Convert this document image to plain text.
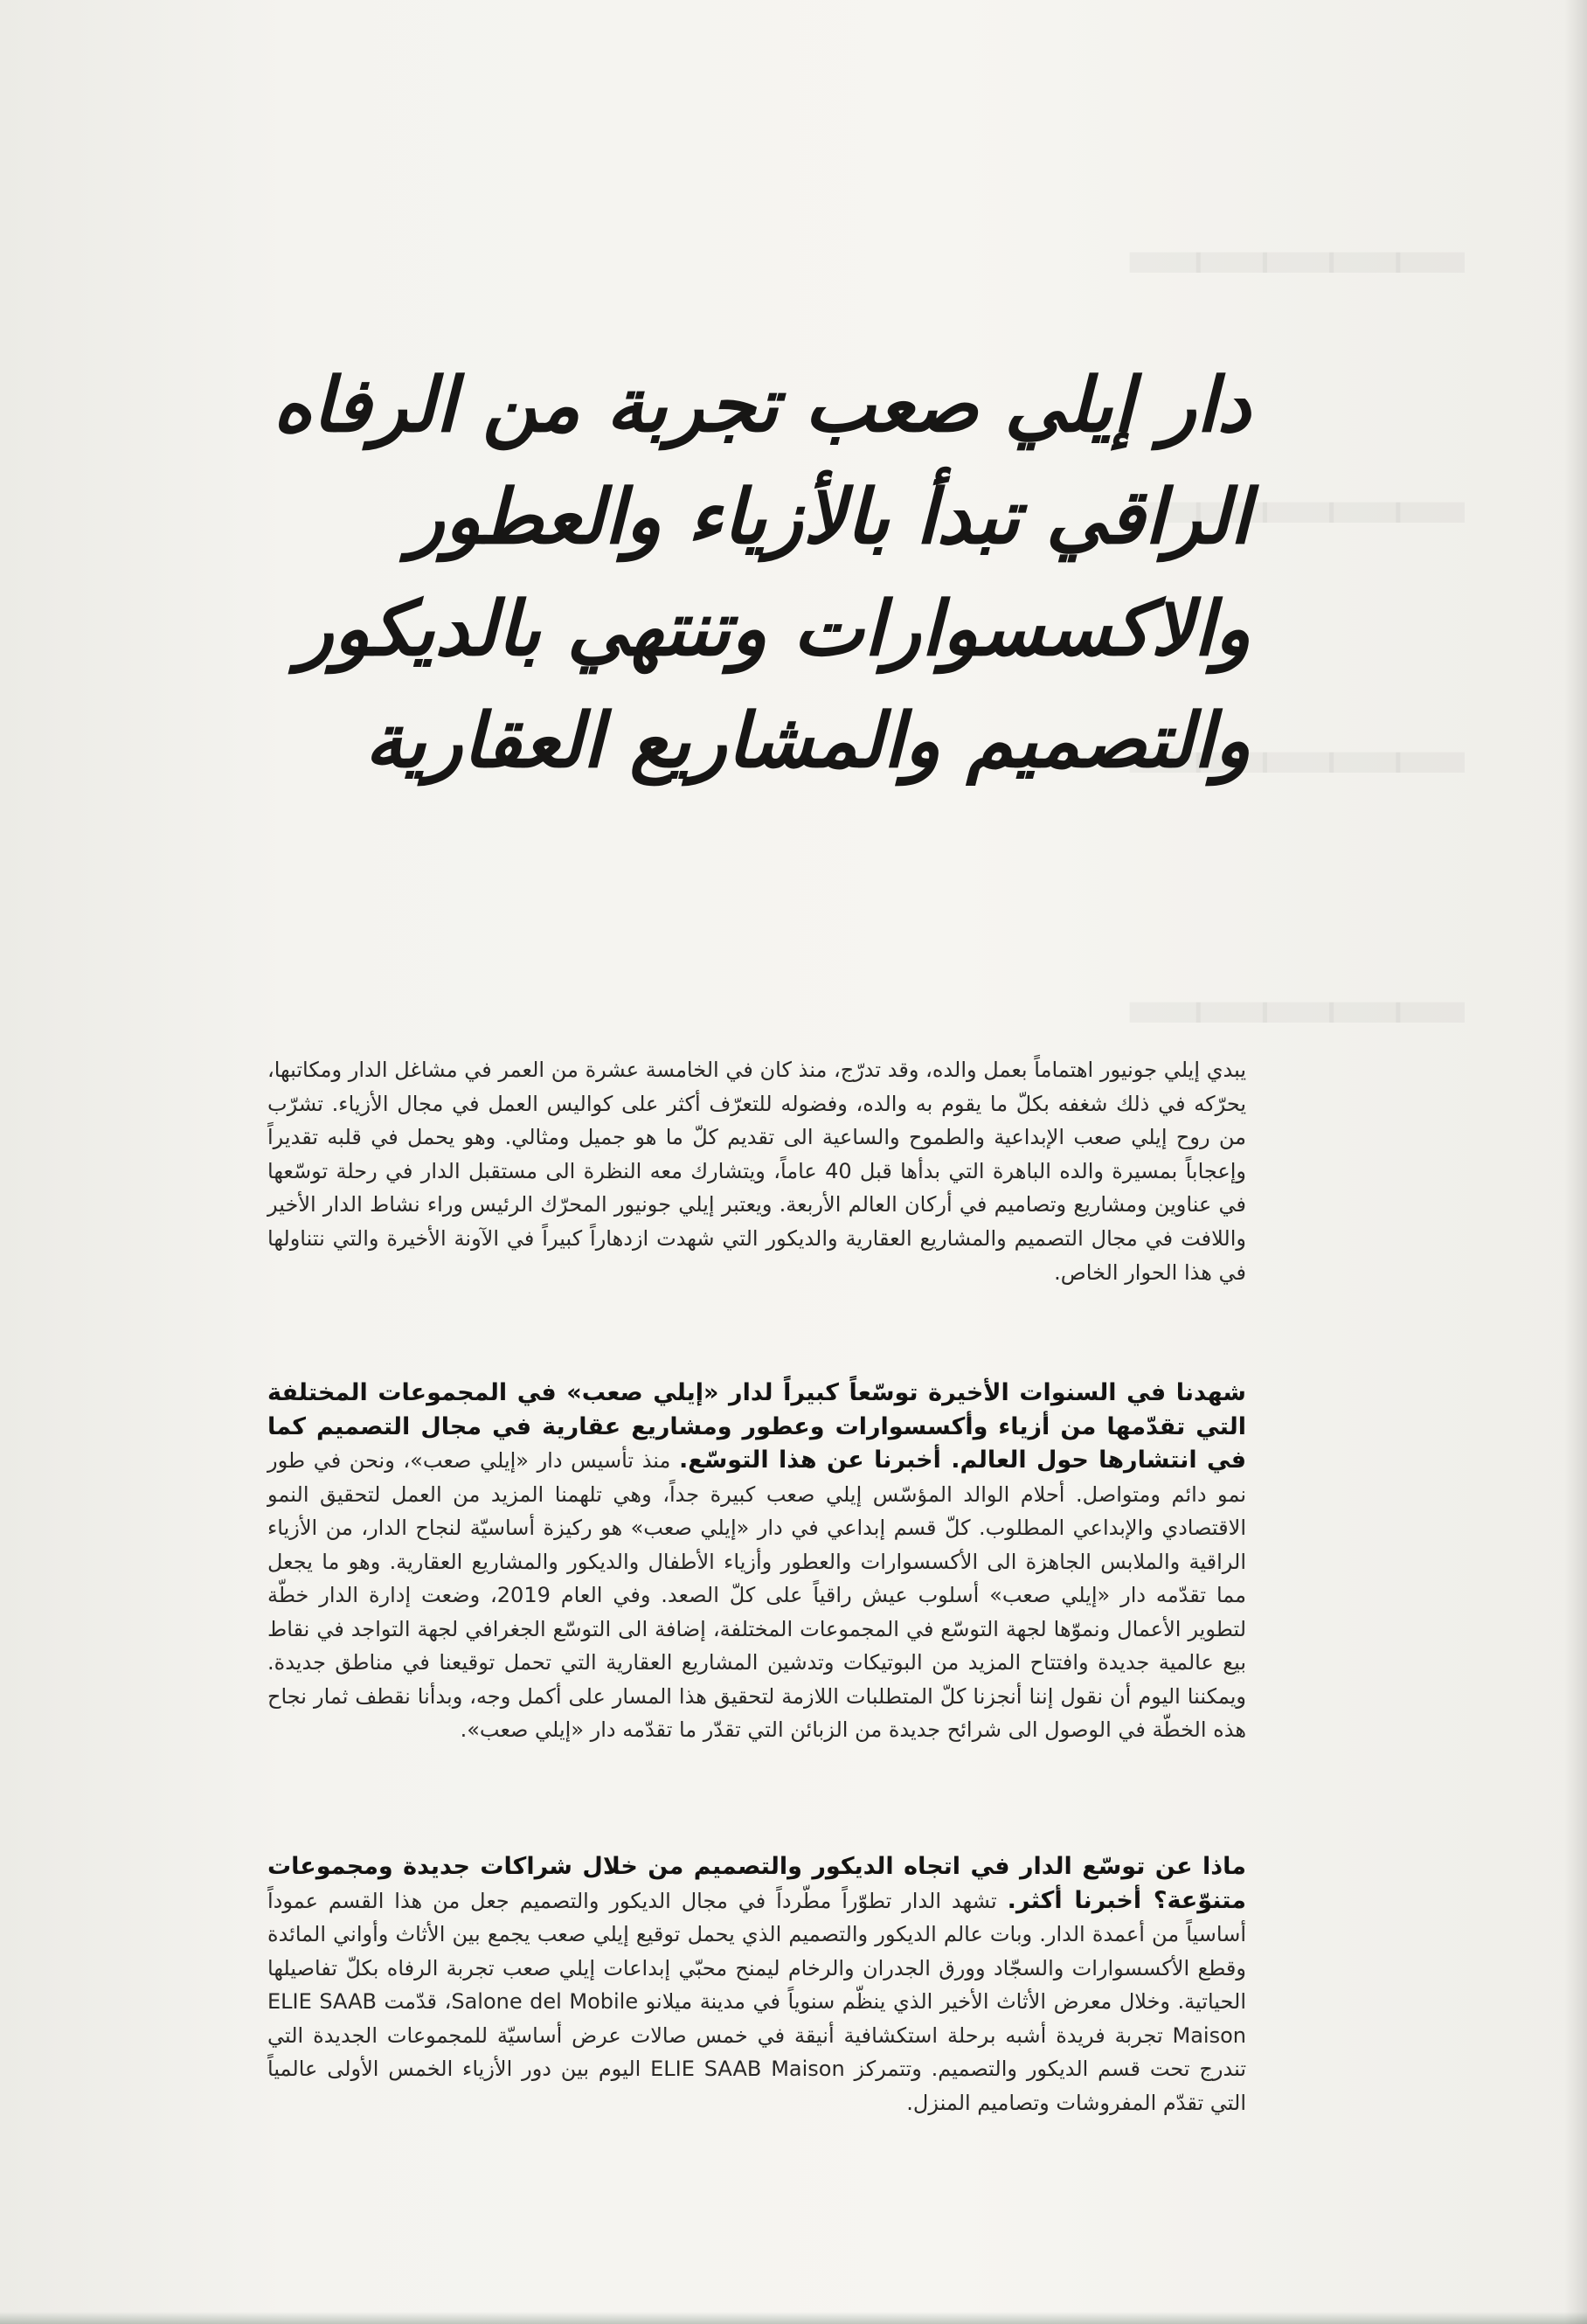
دار إيلي صعب تجربة من الرفاه
الراقي تبدأ بالأزياء والعطور
والاكسسوارات وتنتهي بالديكور
والتصميم والمشاريع العقارية

يبدي إيلي جونيور اهتماماً بعمل والده، وقد تدرّج، منذ كان في الخامسة عشرة من العمر في مشاغل الدار ومكاتبها، يحرّكه في ذلك شغفه بكلّ ما يقوم به والده، وفضوله للتعرّف أكثر على كواليس العمل في مجال الأزياء. تشرّب من روح إيلي صعب الإبداعية والطموح والساعية الى تقديم كلّ ما هو جميل ومثالي. وهو يحمل في قلبه تقديراً وإعجاباً بمسيرة والده الباهرة التي بدأها قبل 40 عاماً، ويتشارك معه النظرة الى مستقبل الدار في رحلة توسّعها في عناوين ومشاريع وتصاميم في أركان العالم الأربعة. ويعتبر إيلي جونيور المحرّك الرئيس وراء نشاط الدار الأخير واللافت في مجال التصميم والمشاريع العقارية والديكور التي شهدت ازدهاراً كبيراً في الآونة الأخيرة والتي نتناولها في هذا الحوار الخاص.

شهدنا في السنوات الأخيرة توسّعاً كبيراً لدار «إيلي صعب» في المجموعات المختلفة التي تقدّمها من أزياء وأكسسوارات وعطور ومشاريع عقارية في مجال التصميم كما في انتشارها حول العالم. أخبرنا عن هذا التوسّع. منذ تأسيس دار «إيلي صعب»، ونحن في طور نمو دائم ومتواصل. أحلام الوالد المؤسّس إيلي صعب كبيرة جداً، وهي تلهمنا المزيد من العمل لتحقيق النمو الاقتصادي والإبداعي المطلوب. كلّ قسم إبداعي في دار «إيلي صعب» هو ركيزة أساسيّة لنجاح الدار، من الأزياء الراقية والملابس الجاهزة الى الأكسسوارات والعطور وأزياء الأطفال والديكور والمشاريع العقارية. وهو ما يجعل مما تقدّمه دار «إيلي صعب» أسلوب عيش راقياً على كلّ الصعد. وفي العام 2019، وضعت إدارة الدار خطّة لتطوير الأعمال ونموّها لجهة التوسّع في المجموعات المختلفة، إضافة الى التوسّع الجغرافي لجهة التواجد في نقاط بيع عالمية جديدة وافتتاح المزيد من البوتيكات وتدشين المشاريع العقارية التي تحمل توقيعنا في مناطق جديدة. ويمكننا اليوم أن نقول إننا أنجزنا كلّ المتطلبات اللازمة لتحقيق هذا المسار على أكمل وجه، وبدأنا نقطف ثمار نجاح هذه الخطّة في الوصول الى شرائح جديدة من الزبائن التي تقدّر ما تقدّمه دار «إيلي صعب».

ماذا عن توسّع الدار في اتجاه الديكور والتصميم من خلال شراكات جديدة ومجموعات متنوّعة؟ أخبرنا أكثر. تشهد الدار تطوّراً مطّرداً في مجال الديكور والتصميم جعل من هذا القسم عموداً أساسياً من أعمدة الدار. وبات عالم الديكور والتصميم الذي يحمل توقيع إيلي صعب يجمع بين الأثاث وأواني المائدة وقطع الأكسسوارات والسجّاد وورق الجدران والرخام ليمنح محبّي إبداعات إيلي صعب تجربة الرفاه بكلّ تفاصيلها الحياتية. وخلال معرض الأثاث الأخير الذي ينظّم سنوياً في مدينة ميلانو Salone del Mobile، قدّمت ELIE SAAB Maison تجربة فريدة أشبه برحلة استكشافية أنيقة في خمس صالات عرض أساسيّة للمجموعات الجديدة التي تندرج تحت قسم الديكور والتصميم. وتتمركز ELIE SAAB Maison اليوم بين دور الأزياء الخمس الأولى عالمياً التي تقدّم المفروشات وتصاميم المنزل.
